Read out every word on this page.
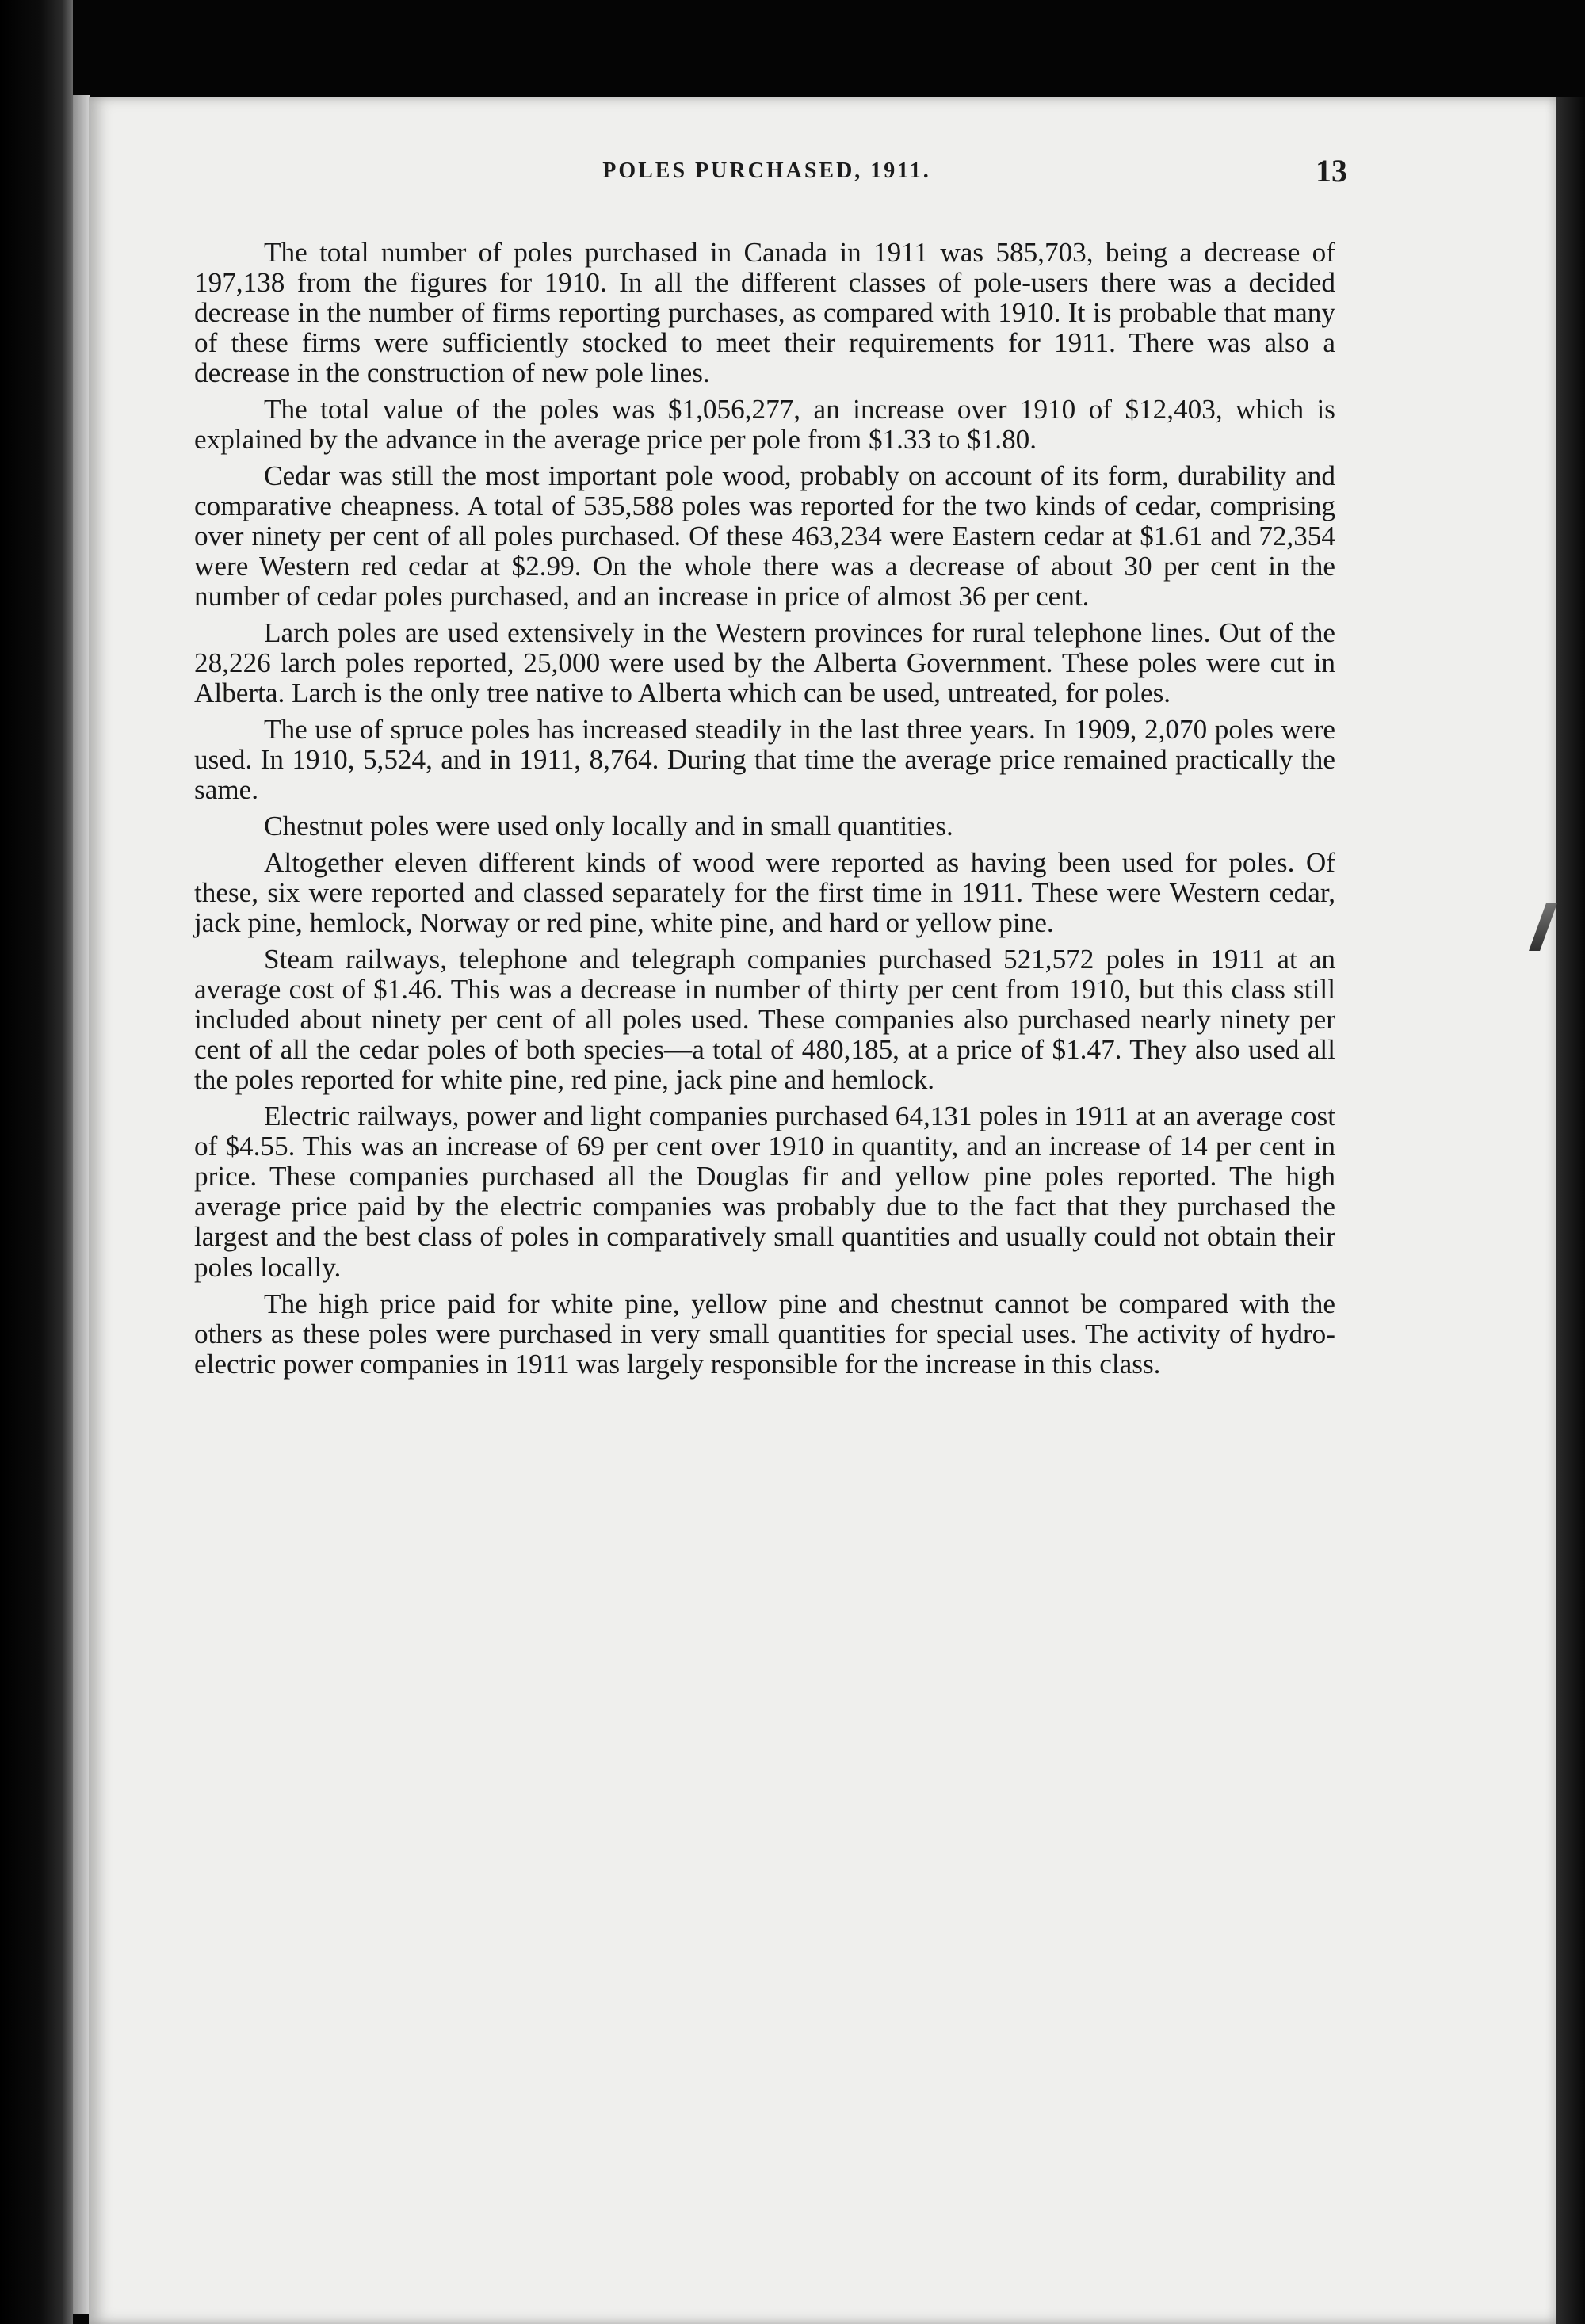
POLES PURCHASED, 1911.	13

The total number of poles purchased in Canada in 1911 was 585,703, being a decrease of 197,138 from the figures for 1910. In all the different classes of pole-users there was a decided decrease in the number of firms reporting purchases, as compared with 1910. It is probable that many of these firms were sufficiently stocked to meet their requirements for 1911. There was also a decrease in the construction of new pole lines.

The total value of the poles was $1,056,277, an increase over 1910 of $12,403, which is explained by the advance in the average price per pole from $1.33 to $1.80.

Cedar was still the most important pole wood, probably on account of its form, durability and comparative cheapness. A total of 535,588 poles was reported for the two kinds of cedar, comprising over ninety per cent of all poles purchased. Of these 463,234 were Eastern cedar at $1.61 and 72,354 were Western red cedar at $2.99. On the whole there was a decrease of about 30 per cent in the number of cedar poles purchased, and an increase in price of almost 36 per cent.

Larch poles are used extensively in the Western provinces for rural telephone lines. Out of the 28,226 larch poles reported, 25,000 were used by the Alberta Government. These poles were cut in Alberta. Larch is the only tree native to Alberta which can be used, untreated, for poles.

The use of spruce poles has increased steadily in the last three years. In 1909, 2,070 poles were used. In 1910, 5,524, and in 1911, 8,764. During that time the average price remained practically the same.

Chestnut poles were used only locally and in small quantities.

Altogether eleven different kinds of wood were reported as having been used for poles. Of these, six were reported and classed separately for the first time in 1911. These were Western cedar, jack pine, hemlock, Norway or red pine, white pine, and hard or yellow pine.

Steam railways, telephone and telegraph companies purchased 521,572 poles in 1911 at an average cost of $1.46. This was a decrease in number of thirty per cent from 1910, but this class still included about ninety per cent of all poles used. These companies also purchased nearly ninety per cent of all the cedar poles of both species—a total of 480,185, at a price of $1.47. They also used all the poles reported for white pine, red pine, jack pine and hemlock.

Electric railways, power and light companies purchased 64,131 poles in 1911 at an average cost of $4.55. This was an increase of 69 per cent over 1910 in quantity, and an increase of 14 per cent in price. These companies purchased all the Douglas fir and yellow pine poles reported. The high average price paid by the electric companies was probably due to the fact that they purchased the largest and the best class of poles in comparatively small quantities and usually could not obtain their poles locally.

The high price paid for white pine, yellow pine and chestnut cannot be compared with the others as these poles were purchased in very small quantities for special uses. The activity of hydro-electric power companies in 1911 was largely responsible for the increase in this class.
